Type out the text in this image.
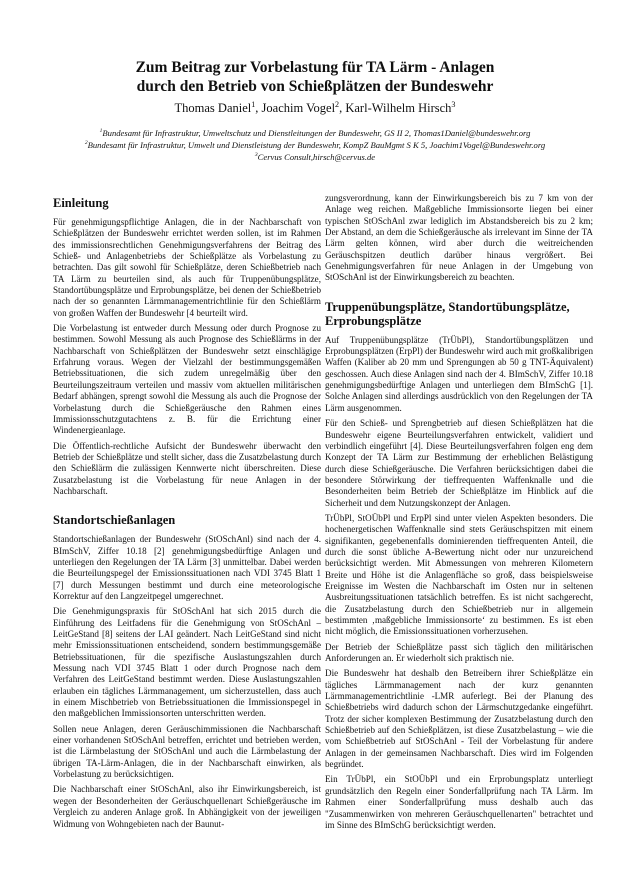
Zum Beitrag zur Vorbelastung für TA Lärm - Anlagen
durch den Betrieb von Schießplätzen der Bundeswehr
Thomas Daniel$^1$, Joachim Vogel$^2$, Karl-Wilhelm Hirsch$^3$
$^1$Bundesamt für Infrastruktur, Umweltschutz und Dienstleitungen der Bundeswehr, GS II 2, Thomas1Daniel@bundeswehr.org
$^2$Bundesamt für Infrastruktur, Umwelt und Dienstleistung der Bundeswehr, KompZ BauMgmt S K 5, Joachim1Vogel@Bundeswehr.org
$^3$Cervus Consult,hirsch@cervus.de
Einleitung

Für genehmigungspflichtige Anlagen, die in der Nachbarschaft von Schießplätzen der Bundeswehr errichtet werden sollen, ist im Rahmen des immissionsrechtlichen Genehmigungsverfahrens der Beitrag des Schieß- und Anlagenbetriebs der Schießplätze als Vorbelastung zu betrachten. Das gilt sowohl für Schießplätze, deren Schießbetrieb nach TA Lärm zu beurteilen sind, als auch für Truppenübungsplätze, Standortübungsplätze und Erprobungsplätze, bei denen der Schießbetrieb nach der so genannten Lärmmanagementrichtlinie für den Schießlärm von großen Waffen der Bundeswehr [4 beurteilt wird.

Die Vorbelastung ist entweder durch Messung oder durch Prognose zu bestimmen. Sowohl Messung als auch Prognose des Schießlärms in der Nachbarschaft von Schießplätzen der Bundeswehr setzt einschlägige Erfahrung voraus. Wegen der Vielzahl der bestimmungsgemäßen Betriebssituationen, die sich zudem unregelmäßig über den Beurteilungszeitraum verteilen und massiv vom aktuellen militärischen Bedarf abhängen, sprengt sowohl die Messung als auch die Prognose der Vorbelastung durch die Schießgeräusche den Rahmen eines Immissionsschutzgutachtens z. B. für die Errichtung einer Windenergieanlage.

Die Öffentlich-rechtliche Aufsicht der Bundeswehr überwacht den Betrieb der Schießplätze und stellt sicher, dass die Zusatzbelastung durch den Schießlärm die zulässigen Kennwerte nicht überschreiten. Diese Zusatzbelastung ist die Vorbelastung für neue Anlagen in der Nachbarschaft.

Standortschießanlagen

Standortschießanlagen der Bundeswehr (StOSchAnl) sind nach der 4. BImSchV, Ziffer 10.18 [2] genehmigungsbedürftige Anlagen und unterliegen den Regelungen der TA Lärm [3] unmittelbar. Dabei werden die Beurteilungspegel der Emissionssituationen nach VDI 3745 Blatt 1 [7] durch Messungen bestimmt und durch eine meteorologische Korrektur auf den Langzeitpegel umgerechnet.

Die Genehmigungspraxis für StOSchAnl hat sich 2015 durch die Einführung des Leitfadens für die Genehmigung von StOSchAnl – LeitGeStand [8] seitens der LAI geändert. Nach LeitGeStand sind nicht mehr Emissionssituationen entscheidend, sondern bestimmungsgemäße Betriebssituationen, für die spezifische Auslastungszahlen durch Messung nach VDI 3745 Blatt 1 oder durch Prognose nach dem Verfahren des LeitGeStand bestimmt werden. Diese Auslastungszahlen erlauben ein tägliches Lärmmanagement, um sicherzustellen, dass auch in einem Mischbetrieb von Betriebssituationen die Immissionspegel in den maßgeblichen Immissionsorten unterschritten werden.

Sollen neue Anlagen, deren Geräuschimmissionen die Nachbarschaft einer vorhandenen StOSchAnl betreffen, errichtet und betrieben werden, ist die Lärmbelastung der StOSchAnl und auch die Lärmbelastung der übrigen TA-Lärm-Anlagen, die in der Nachbarschaft einwirken, als Vorbelastung zu berücksichtigen.

Die Nachbarschaft einer StOSchAnl, also ihr Einwirkungsbereich, ist wegen der Besonderheiten der Geräuschquellenart Schießgeräusche im Vergleich zu anderen Anlage groß. In Abhängigkeit von der jeweiligen Widmung von Wohngebieten nach der Baunut-

zungsverordnung, kann der Einwirkungsbereich bis zu 7 km von der Anlage weg reichen. Maßgebliche Immissionsorte liegen bei einer typischen StOSchAnl zwar lediglich im Abstandsbereich bis zu 2 km; Der Abstand, an dem die Schießgeräusche als irrelevant im Sinne der TA Lärm gelten können, wird aber durch die weitreichenden Geräuschspitzen deutlich darüber hinaus vergrößert. Bei Genehmigungsverfahren für neue Anlagen in der Umgebung von StOSchAnl ist der Einwirkungsbereich zu beachten.

Truppenübungsplätze, Standortübungsplätze, Erprobungsplätze

Auf Truppenübungsplätze (TrÜbPl), Standortübungsplätzen und Erprobungsplätzen (ErpPl) der Bundeswehr wird auch mit großkalibrigen Waffen (Kaliber ab 20 mm und Sprengungen ab 50 g TNT-Äquivalent) geschossen. Auch diese Anlagen sind nach der 4. BImSchV, Ziffer 10.18 genehmigungsbedürftige Anlagen und unterliegen dem BImSchG [1]. Solche Anlagen sind allerdings ausdrücklich von den Regelungen der TA Lärm ausgenommen.

Für den Schieß- und Sprengbetrieb auf diesen Schießplätzen hat die Bundeswehr eigene Beurteilungsverfahren entwickelt, validiert und verbindlich eingeführt [4]. Diese Beurteilungsverfahren folgen eng dem Konzept der TA Lärm zur Bestimmung der erheblichen Belästigung durch diese Schießgeräusche. Die Verfahren berücksichtigen dabei die besondere Störwirkung der tieffrequenten Waffenknalle und die Besonderheiten beim Betrieb der Schießplätze im Hinblick auf die Sicherheit und dem Nutzungskonzept der Anlagen.

TrÜbPl, StOÜbPl und ErpPl sind unter vielen Aspekten besonders. Die hochenergetischen Waffenknalle sind stets Geräuschspitzen mit einem signifikanten, gegebenenfalls dominierenden tieffrequenten Anteil, die durch die sonst übliche A-Bewertung nicht oder nur unzureichend berücksichtigt werden. Mit Abmessungen von mehreren Kilometern Breite und Höhe ist die Anlagenfläche so groß, dass beispielsweise Ereignisse im Westen die Nachbarschaft im Osten nur in seltenen Ausbreitungssituationen tatsächlich betreffen. Es ist nicht sachgerecht, die Zusatzbelastung durch den Schießbetrieb nur in allgemein bestimmten ‚maßgebliche Immissionsorte‘ zu bestimmen. Es ist eben nicht möglich, die Emissionssituationen vorherzusehen.

Der Betrieb der Schießplätze passt sich täglich den militärischen Anforderungen an. Er wiederholt sich praktisch nie.

Die Bundeswehr hat deshalb den Betreibern ihrer Schießplätze ein tägliches Lärmmanagement nach der kurz genannten Lärmmanagementrichtlinie -LMR auferlegt. Bei der Planung des Schießbetriebs wird dadurch schon der Lärmschutzgedanke eingeführt. Trotz der sicher komplexen Bestimmung der Zusatzbelastung durch den Schießbetrieb auf den Schießplätzen, ist diese Zusatzbelastung – wie die vom Schießbetrieb auf StOSchAnl - Teil der Vorbelastung für andere Anlagen in der gemeinsamen Nachbarschaft. Dies wird im Folgenden begründet.

Ein TrÜbPl, ein StOÜbPl und ein Erprobungsplatz unterliegt grundsätzlich den Regeln einer Sonderfallprüfung nach TA Lärm. Im Rahmen einer Sonderfallprüfung muss deshalb auch das "Zusammenwirken von mehreren Geräuschquellenarten" betrachtet und im Sinne des BImSchG berücksichtigt werden.
